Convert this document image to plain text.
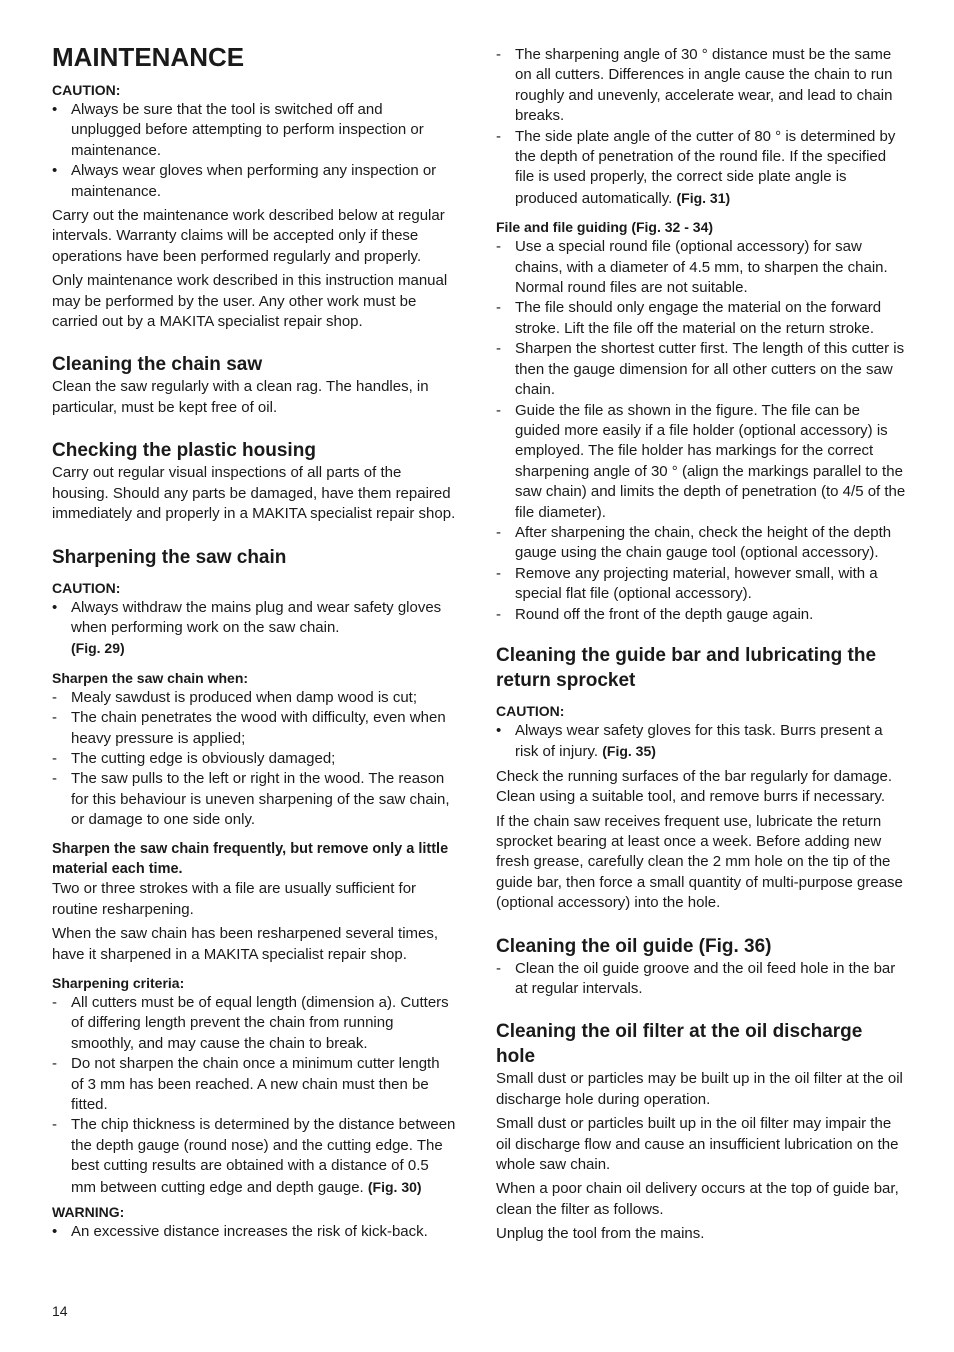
MAINTENANCE
CAUTION:
• Always be sure that the tool is switched off and unplugged before attempting to perform inspection or maintenance.
• Always wear gloves when performing any inspection or maintenance.

Carry out the maintenance work described below at regular intervals. Warranty claims will be accepted only if these operations have been performed regularly and properly.

Only maintenance work described in this instruction manual may be performed by the user. Any other work must be carried out by a MAKITA specialist repair shop.

Cleaning the chain saw

Clean the saw regularly with a clean rag. The handles, in particular, must be kept free of oil.

Checking the plastic housing

Carry out regular visual inspections of all parts of the housing. Should any parts be damaged, have them repaired immediately and properly in a MAKITA specialist repair shop.

Sharpening the saw chain
CAUTION:
• Always withdraw the mains plug and wear safety gloves when performing work on the saw chain.
(Fig. 29)
Sharpen the saw chain when:
- Mealy sawdust is produced when damp wood is cut;
- The chain penetrates the wood with difficulty, even when heavy pressure is applied;
- The cutting edge is obviously damaged;
- The saw pulls to the left or right in the wood. The reason for this behaviour is uneven sharpening of the saw chain, or damage to one side only.

Sharpen the saw chain frequently, but remove only a little material each time.

Two or three strokes with a file are usually sufficient for routine resharpening.

When the saw chain has been resharpened several times, have it sharpened in a MAKITA specialist repair shop.

Sharpening criteria:
- All cutters must be of equal length (dimension a). Cutters of differing length prevent the chain from running smoothly, and may cause the chain to break.
- Do not sharpen the chain once a minimum cutter length of 3 mm has been reached. A new chain must then be fitted.
- The chip thickness is determined by the distance between the depth gauge (round nose) and the cutting edge. The best cutting results are obtained with a distance of 0.5 mm between cutting edge and depth gauge. (Fig. 30)
WARNING:
• An excessive distance increases the risk of kick-back.
14
- The sharpening angle of 30 ° distance must be the same on all cutters. Differences in angle cause the chain to run roughly and unevenly, accelerate wear, and lead to chain breaks.
- The side plate angle of the cutter of 80 ° is determined by the depth of penetration of the round file. If the specified file is used properly, the correct side plate angle is produced automatically. (Fig. 31)
File and file guiding (Fig. 32 - 34)
- Use a special round file (optional accessory) for saw chains, with a diameter of 4.5 mm, to sharpen the chain. Normal round files are not suitable.
- The file should only engage the material on the forward stroke. Lift the file off the material on the return stroke.
- Sharpen the shortest cutter first. The length of this cutter is then the gauge dimension for all other cutters on the saw chain.
- Guide the file as shown in the figure. The file can be guided more easily if a file holder (optional accessory) is employed. The file holder has markings for the correct sharpening angle of 30 ° (align the markings parallel to the saw chain) and limits the depth of penetration (to 4/5 of the file diameter).
- After sharpening the chain, check the height of the depth gauge using the chain gauge tool (optional accessory).
- Remove any projecting material, however small, with a special flat file (optional accessory).
- Round off the front of the depth gauge again.
Cleaning the guide bar and lubricating the return sprocket
CAUTION:
• Always wear safety gloves for this task. Burrs present a risk of injury. (Fig. 35)

Check the running surfaces of the bar regularly for damage. Clean using a suitable tool, and remove burrs if necessary.

If the chain saw receives frequent use, lubricate the return sprocket bearing at least once a week. Before adding new fresh grease, carefully clean the 2 mm hole on the tip of the guide bar, then force a small quantity of multi-purpose grease (optional accessory) into the hole.

Cleaning the oil guide (Fig. 36)
- Clean the oil guide groove and the oil feed hole in the bar at regular intervals.
Cleaning the oil filter at the oil discharge hole

Small dust or particles may be built up in the oil filter at the oil discharge hole during operation.

Small dust or particles built up in the oil filter may impair the oil discharge flow and cause an insufficient lubrication on the whole saw chain.

When a poor chain oil delivery occurs at the top of guide bar, clean the filter as follows.

Unplug the tool from the mains.
